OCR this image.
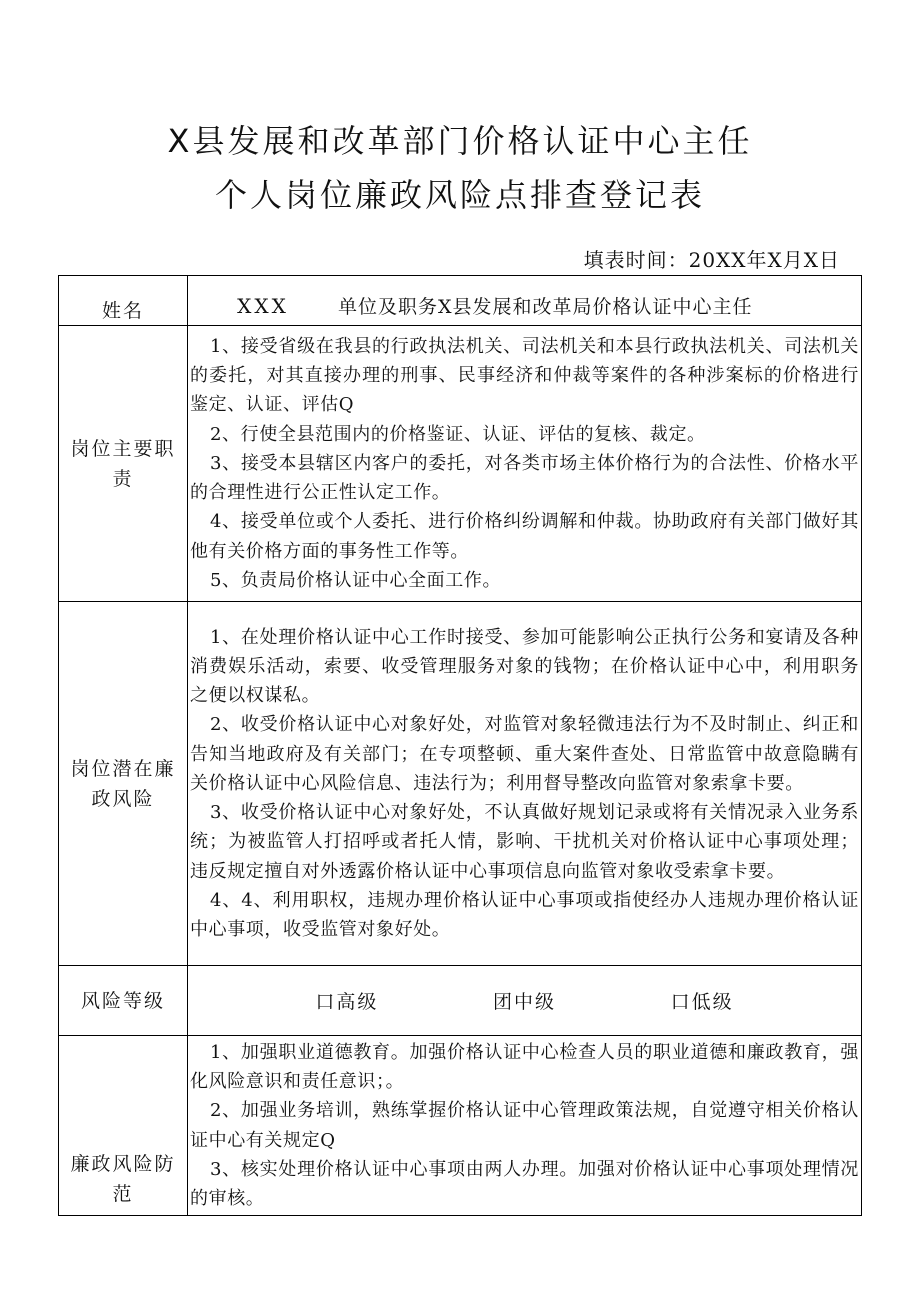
X县发展和改革部门价格认证中心主任
个人岗位廉政风险点排查登记表
填表时间：20XX年X月X日
姓名	XXX 单位及职务X县发展和改革局价格认证中心主任

岗位主要职责	1、接受省级在我县的行政执法机关、司法机关和本县行政执法机关、司法机关的委托，对其直接办理的刑事、民事经济和仲裁等案件的各种涉案标的价格进行鉴定、认证、评估Q

2、行使全县范围内的价格鉴证、认证、评估的复核、裁定。

3、接受本县辖区内客户的委托，对各类市场主体价格行为的合法性、价格水平的合理性进行公正性认定工作。

4、接受单位或个人委托、进行价格纠纷调解和仲裁。协助政府有关部门做好其他有关价格方面的事务性工作等。

5、负责局价格认证中心全面工作。

岗位潜在廉政风险	1、在处理价格认证中心工作时接受、参加可能影响公正执行公务和宴请及各种消费娱乐活动，索要、收受管理服务对象的钱物；在价格认证中心中，利用职务之便以权谋私。

2、收受价格认证中心对象好处，对监管对象轻微违法行为不及时制止、纠正和告知当地政府及有关部门；在专项整顿、重大案件查处、日常监管中故意隐瞒有关价格认证中心风险信息、违法行为；利用督导整改向监管对象索拿卡要。

3、收受价格认证中心对象好处，不认真做好规划记录或将有关情况录入业务系统；为被监管人打招呼或者托人情，影响、干扰机关对价格认证中心事项处理；违反规定擅自对外透露价格认证中心事项信息向监管对象收受索拿卡要。

4、4、利用职权，违规办理价格认证中心事项或指使经办人违规办理价格认证中心事项，收受监管对象好处。

风险等级	口高级 团中级 口低级

廉政风险防范	1、加强职业道德教育。加强价格认证中心检查人员的职业道德和廉政教育，强化风险意识和责任意识；。

2、加强业务培训，熟练掌握价格认证中心管理政策法规，自觉遵守相关价格认证中心有关规定Q

3、核实处理价格认证中心事项由两人办理。加强对价格认证中心事项处理情况的审核。
